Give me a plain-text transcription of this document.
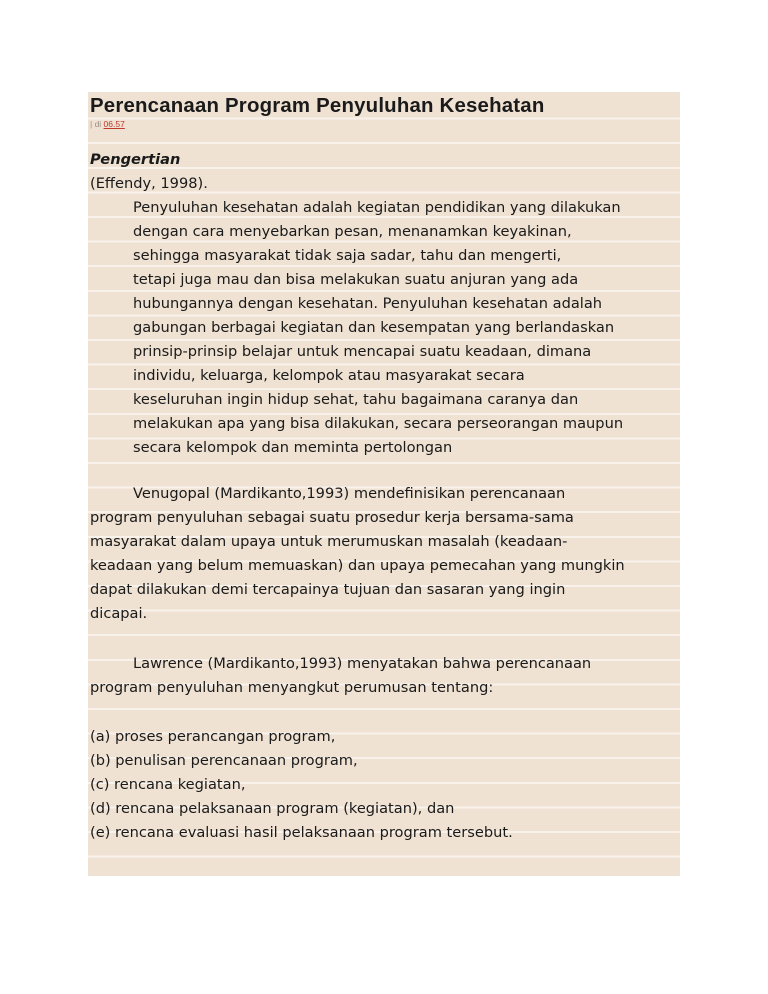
Perencanaan Program Penyuluhan Kesehatan
| di 06.57

Pengertian

(Effendy, 1998).

Penyuluhan kesehatan adalah kegiatan pendidikan yang dilakukan

dengan cara menyebarkan pesan, menanamkan keyakinan,

sehingga masyarakat tidak saja sadar, tahu dan mengerti,

tetapi juga mau dan bisa melakukan suatu anjuran yang ada

hubungannya dengan kesehatan. Penyuluhan kesehatan adalah

gabungan berbagai kegiatan dan kesempatan yang berlandaskan

prinsip-prinsip belajar untuk mencapai suatu keadaan, dimana

individu, keluarga, kelompok atau masyarakat secara

keseluruhan ingin hidup sehat, tahu bagaimana caranya dan

melakukan apa yang bisa dilakukan, secara perseorangan maupun

secara kelompok dan meminta pertolongan

Venugopal (Mardikanto,1993) mendefinisikan perencanaan

program penyuluhan sebagai suatu prosedur kerja bersama-sama

masyarakat dalam upaya untuk merumuskan masalah (keadaan-

keadaan yang belum memuaskan) dan upaya pemecahan yang mungkin

dapat dilakukan demi tercapainya tujuan dan sasaran yang ingin

dicapai.

Lawrence (Mardikanto,1993) menyatakan bahwa perencanaan

program penyuluhan menyangkut perumusan tentang:

(a) proses perancangan program,

(b) penulisan perencanaan program,

(c) rencana kegiatan,

(d) rencana pelaksanaan program (kegiatan), dan

(e) rencana evaluasi hasil pelaksanaan program tersebut.
